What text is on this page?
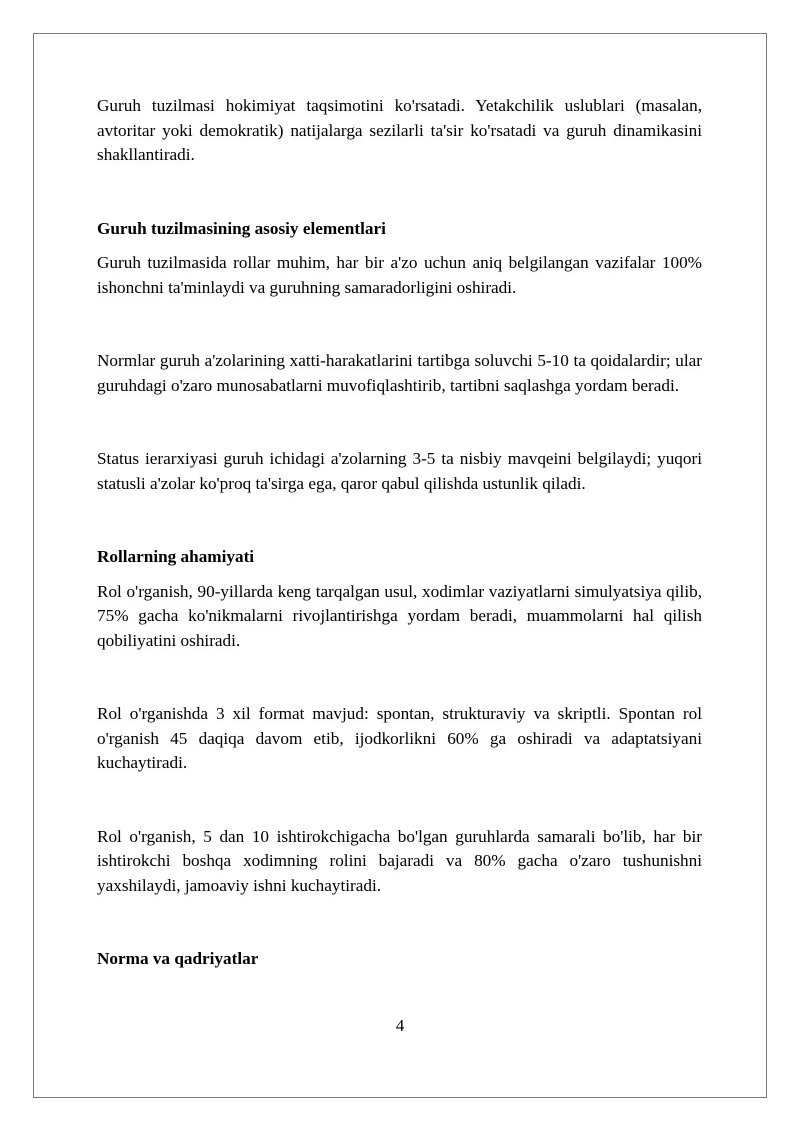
Guruh tuzilmasi hokimiyat taqsimotini ko'rsatadi. Yetakchilik uslublari (masalan, avtoritar yoki demokratik) natijalarga sezilarli ta'sir ko'rsatadi va guruh dinamikasini shakllantiradi.

Guruh tuzilmasining asosiy elementlari

Guruh tuzilmasida rollar muhim, har bir a'zo uchun aniq belgilangan vazifalar 100% ishonchni ta'minlaydi va guruhning samaradorligini oshiradi.

Normlar guruh a'zolarining xatti-harakatlarini tartibga soluvchi 5-10 ta qoidalardir; ular guruhdagi o'zaro munosabatlarni muvofiqlashtirib, tartibni saqlashga yordam beradi.

Status ierarxiyasi guruh ichidagi a'zolarning 3-5 ta nisbiy mavqeini belgilaydi; yuqori statusli a'zolar ko'proq ta'sirga ega, qaror qabul qilishda ustunlik qiladi.

Rollarning ahamiyati

Rol o'rganish, 90-yillarda keng tarqalgan usul, xodimlar vaziyatlarni simulyatsiya qilib, 75% gacha ko'nikmalarni rivojlantirishga yordam beradi, muammolarni hal qilish qobiliyatini oshiradi.

Rol o'rganishda 3 xil format mavjud: spontan, strukturaviy va skriptli. Spontan rol o'rganish 45 daqiqa davom etib, ijodkorlikni 60% ga oshiradi va adaptatsiyani kuchaytiradi.

Rol o'rganish, 5 dan 10 ishtirokchigacha bo'lgan guruhlarda samarali bo'lib, har bir ishtirokchi boshqa xodimning rolini bajaradi va 80% gacha o'zaro tushunishni yaxshilaydi, jamoaviy ishni kuchaytiradi.

Norma va qadriyatlar
4
